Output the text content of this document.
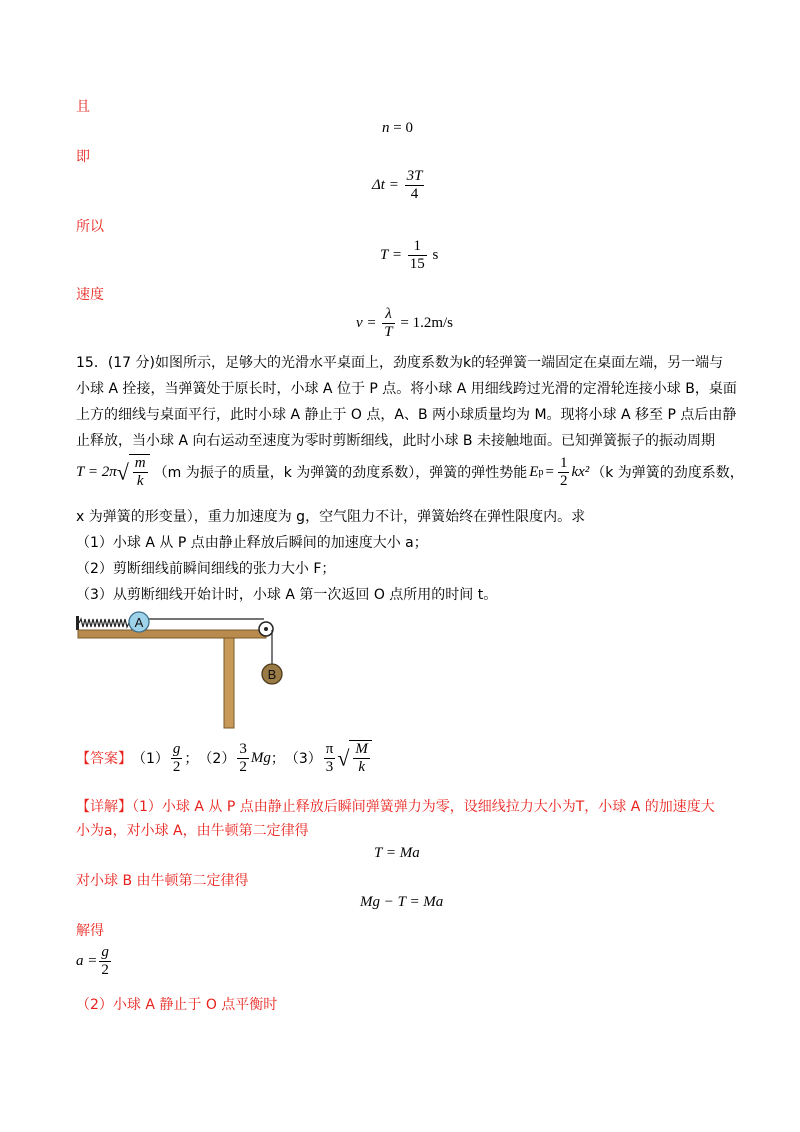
且
n = 0
即
$\Delta t = \frac{3T}{4}$
所以
$T = \frac{1}{15}$ s
速度
$v = \frac{\lambda}{T} = 1.2m/s$
15．(17 分)如图所示，足够大的光滑水平桌面上，劲度系数为k的轻弹簧一端固定在桌面左端，另一端与
小球 A 拴接，当弹簧处于原长时，小球 A 位于 P 点。将小球 A 用细线跨过光滑的定滑轮连接小球 B，桌面
上方的细线与桌面平行，此时小球 A 静止于 O 点，A、B 两小球质量均为 M。现将小球 A 移至 P 点后由静
止释放，当小球 A 向右运动至速度为零时剪断细线，此时小球 B 未接触地面。已知弹簧振子的振动周期
T = 2π √ $\frac{m}{k} (m$ 为振子的质量，k 为弹簧的劲度系数），弹簧的弹性势能 E $p = \frac{1}{2} kx^2$ （k 为弹簧的劲度系数，
x 为弹簧的形变量），重力加速度为 g，空气阻力不计，弹簧始终在弹性限度内。求
（1）小球 A 从 P 点由静止释放后瞬间的加速度大小 a；
（2）剪断细线前瞬间细线的张力大小 F；
（3）从剪断细线开始计时，小球 A 第一次返回 O 点所用的时间 t。
A
B
【答案】 $(1) \frac{g}{2}$ ； $(2) \frac{3}{2}$ Mg ； $(3) \frac{\pi}{3}$ √ $\frac{M}{k}$
【详解】（1）小球 A 从 P 点由静止释放后瞬间弹簧弹力为零，设细线拉力大小为T，小球 A 的加速度大
小为a，对小球 A，由牛顿第二定律得
T = Ma
对小球 B 由牛顿第二定律得
Mg − T = Ma
解得
$a = \frac{g}{2}$
（2）小球 A 静止于 O 点平衡时
